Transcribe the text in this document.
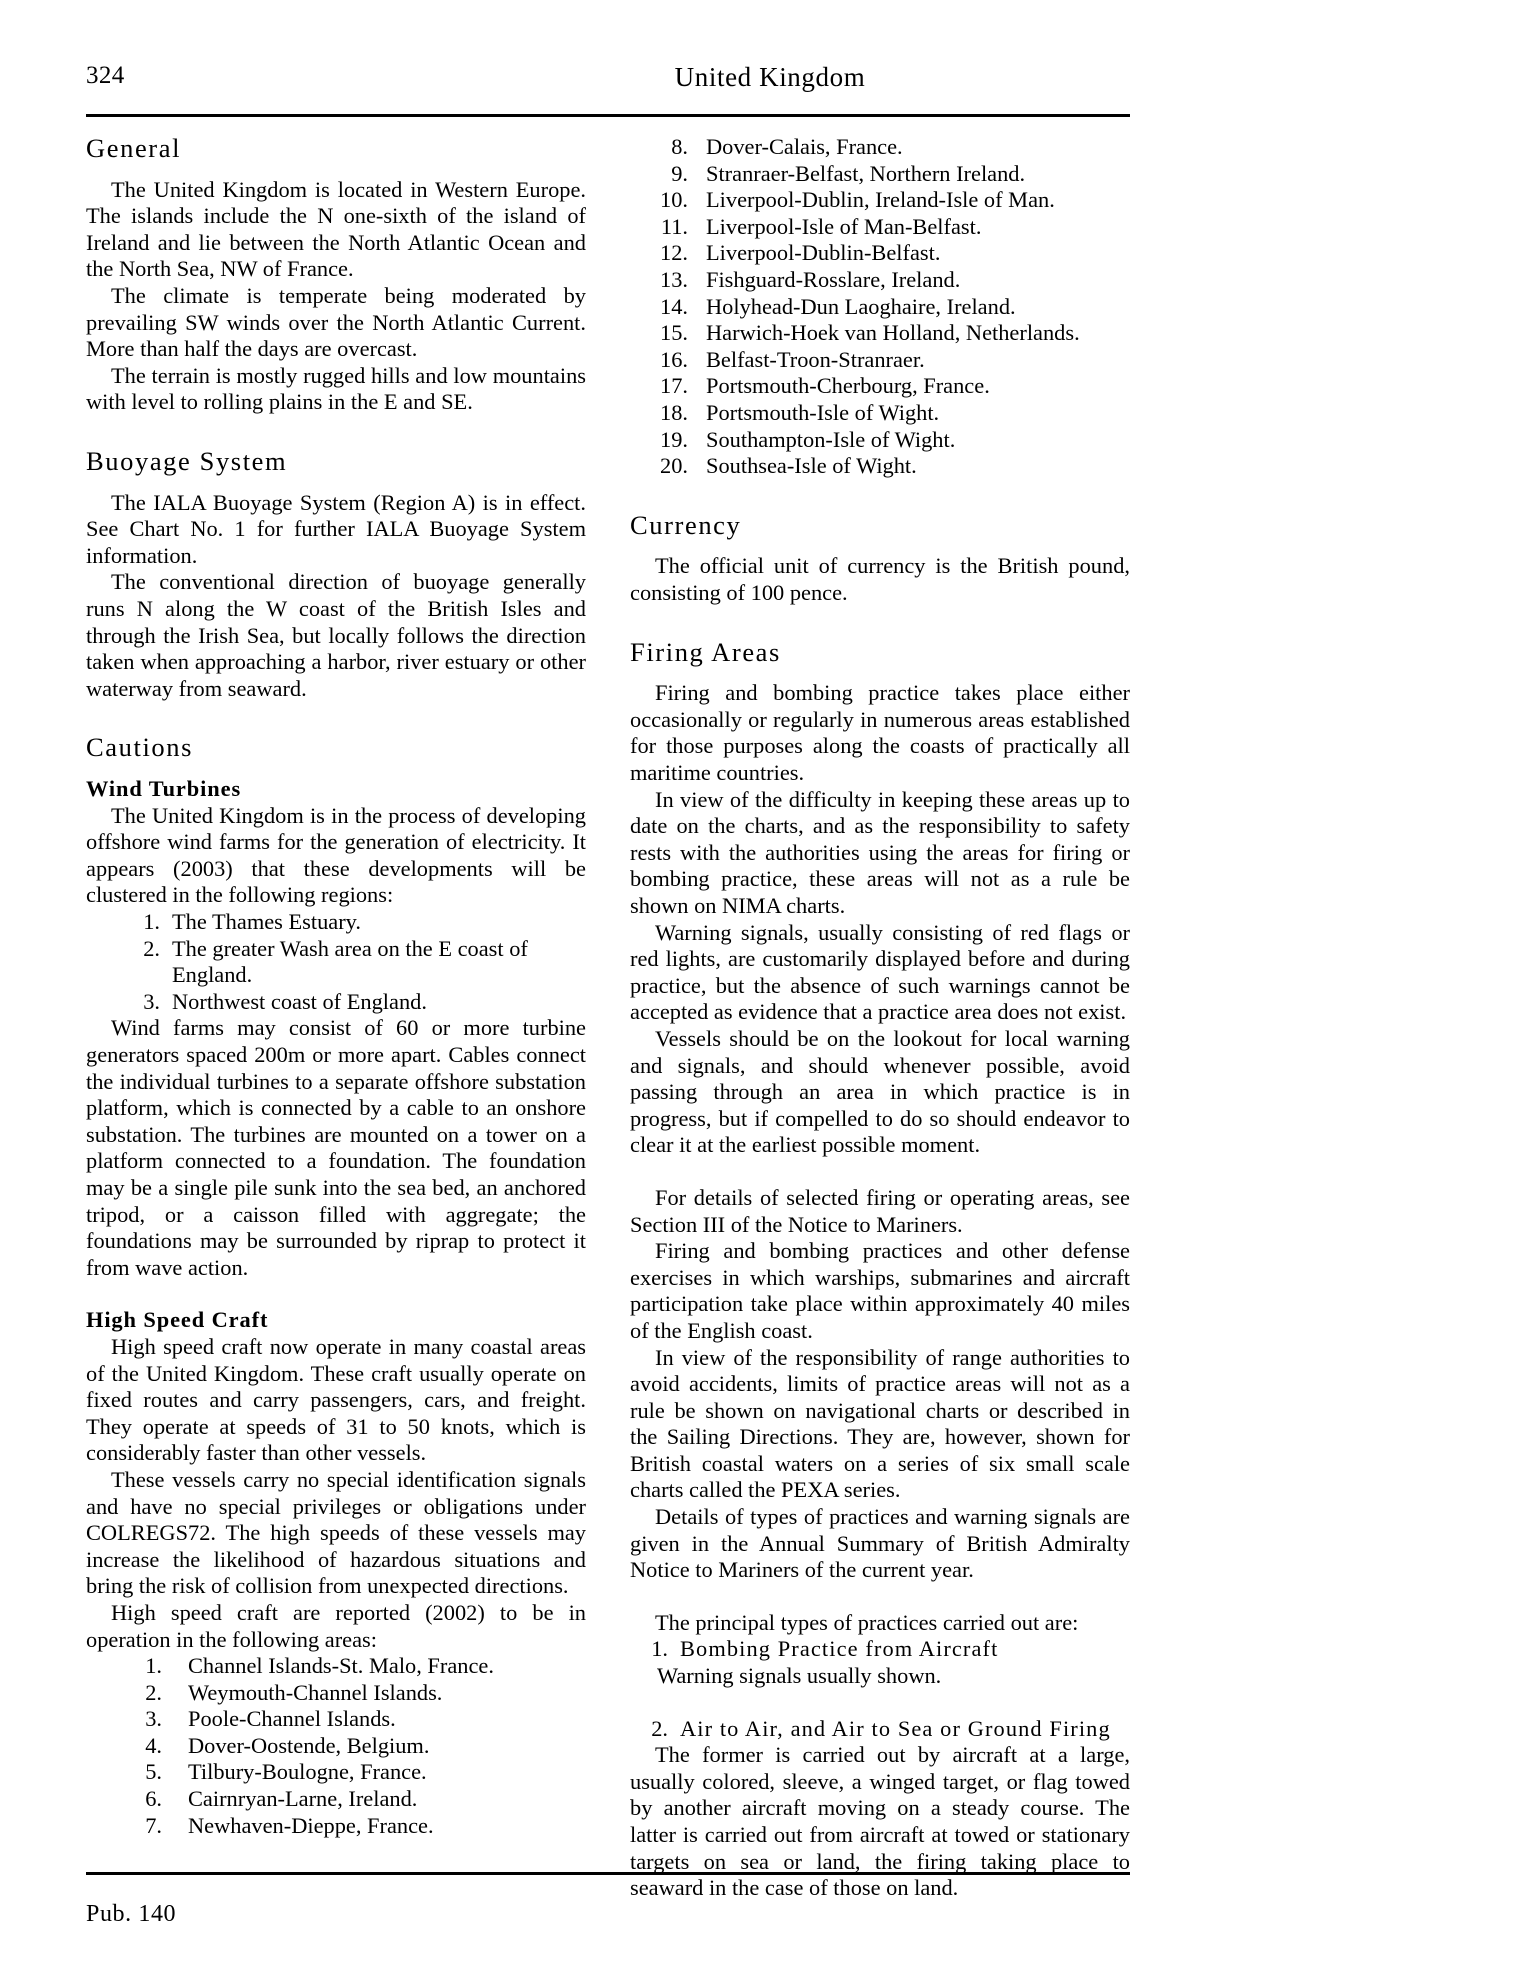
324	United Kingdom
General

The United Kingdom is located in Western Europe. The islands include the N one-sixth of the island of Ireland and lie between the North Atlantic Ocean and the North Sea, NW of France.

The climate is temperate being moderated by prevailing SW winds over the North Atlantic Current. More than half the days are overcast.

The terrain is mostly rugged hills and low mountains with level to rolling plains in the E and SE.

Buoyage System

The IALA Buoyage System (Region A) is in effect. See Chart No. 1 for further IALA Buoyage System information.

The conventional direction of buoyage generally runs N along the W coast of the British Isles and through the Irish Sea, but locally follows the direction taken when approaching a harbor, river estuary or other waterway from seaward.

Cautions
Wind Turbines

The United Kingdom is in the process of developing offshore wind farms for the generation of electricity. It appears (2003) that these developments will be clustered in the following regions:

1. The Thames Estuary.
2. The greater Wash area on the E coast of England.
3. Northwest coast of England.

Wind farms may consist of 60 or more turbine generators spaced 200m or more apart. Cables connect the individual turbines to a separate offshore substation platform, which is connected by a cable to an onshore substation. The turbines are mounted on a tower on a platform connected to a foundation. The foundation may be a single pile sunk into the sea bed, an anchored tripod, or a caisson filled with aggregate; the foundations may be surrounded by riprap to protect it from wave action.

High Speed Craft

High speed craft now operate in many coastal areas of the United Kingdom. These craft usually operate on fixed routes and carry passengers, cars, and freight. They operate at speeds of 31 to 50 knots, which is considerably faster than other vessels.

These vessels carry no special identification signals and have no special privileges or obligations under COLREGS72. The high speeds of these vessels may increase the likelihood of hazardous situations and bring the risk of collision from unexpected directions.

High speed craft are reported (2002) to be in operation in the following areas:

1.	Channel Islands-St. Malo, France.
2.	Weymouth-Channel Islands.
3.	Poole-Channel Islands.
4.	Dover-Oostende, Belgium.
5.	Tilbury-Boulogne, France.
6.	Cairnryan-Larne, Ireland.
7.	Newhaven-Dieppe, France.
8. Dover-Calais, France.
9. Stranraer-Belfast, Northern Ireland.
10. Liverpool-Dublin, Ireland-Isle of Man.
11. Liverpool-Isle of Man-Belfast.
12. Liverpool-Dublin-Belfast.
13. Fishguard-Rosslare, Ireland.
14. Holyhead-Dun Laoghaire, Ireland.
15. Harwich-Hoek van Holland, Netherlands.
16. Belfast-Troon-Stranraer.
17. Portsmouth-Cherbourg, France.
18. Portsmouth-Isle of Wight.
19. Southampton-Isle of Wight.
20. Southsea-Isle of Wight.
Currency

The official unit of currency is the British pound, consisting of 100 pence.

Firing Areas

Firing and bombing practice takes place either occasionally or regularly in numerous areas established for those purposes along the coasts of practically all maritime countries.

In view of the difficulty in keeping these areas up to date on the charts, and as the responsibility to safety rests with the authorities using the areas for firing or bombing practice, these areas will not as a rule be shown on NIMA charts.

Warning signals, usually consisting of red flags or red lights, are customarily displayed before and during practice, but the absence of such warnings cannot be accepted as evidence that a practice area does not exist.

Vessels should be on the lookout for local warning and signals, and should whenever possible, avoid passing through an area in which practice is in progress, but if compelled to do so should endeavor to clear it at the earliest possible moment.

For details of selected firing or operating areas, see Section III of the Notice to Mariners.

Firing and bombing practices and other defense exercises in which warships, submarines and aircraft participation take place within approximately 40 miles of the English coast.

In view of the responsibility of range authorities to avoid accidents, limits of practice areas will not as a rule be shown on navigational charts or described in the Sailing Directions. They are, however, shown for British coastal waters on a series of six small scale charts called the PEXA series.

Details of types of practices and warning signals are given in the Annual Summary of British Admiralty Notice to Mariners of the current year.

The principal types of practices carried out are:

1. Bombing Practice from Aircraft

Warning signals usually shown.

2. Air to Air, and Air to Sea or Ground Firing

The former is carried out by aircraft at a large, usually colored, sleeve, a winged target, or flag towed by another aircraft moving on a steady course. The latter is carried out from aircraft at towed or stationary targets on sea or land, the firing taking place to seaward in the case of those on land.

Pub. 140
